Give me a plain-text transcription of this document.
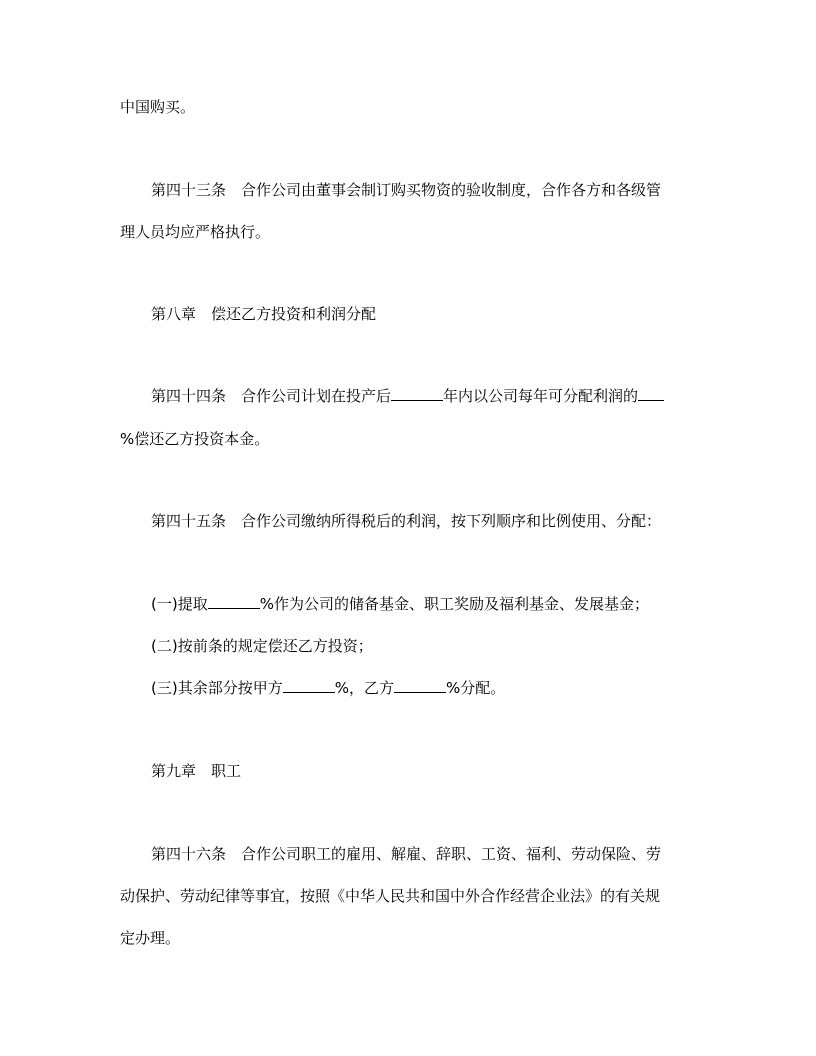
中国购买。
第四十三条　合作公司由董事会制订购买物资的验收制度，合作各方和各级管
理人员均应严格执行。
第八章　偿还乙方投资和利润分配
第四十四条　合作公司计划在投产后	年内以公司每年可分配利润的
%偿还乙方投资本金。
第四十五条　合作公司缴纳所得税后的利润，按下列顺序和比例使用、分配：
(一)提取	%作为公司的储备基金、职工奖励及福利基金、发展基金；
(二)按前条的规定偿还乙方投资；
(三)其余部分按甲方	%，乙方	%分配。
第九章　职工
第四十六条　合作公司职工的雇用、解雇、辞职、工资、福利、劳动保险、劳
动保护、劳动纪律等事宜，按照《中华人民共和国中外合作经营企业法》的有关规
定办理。
